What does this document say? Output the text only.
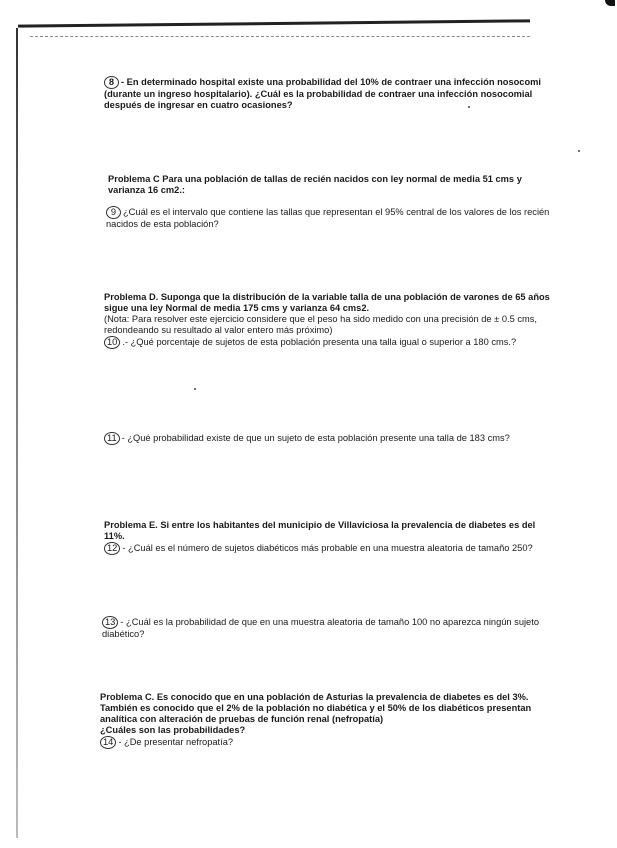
8 - En determinado hospital existe una probabilidad del 10% de contraer una infección nosocomi
(durante un ingreso hospitalario). ¿Cuál es la probabilidad de contraer una infección nosocomial
después de ingresar en cuatro ocasiones?
Problema C Para una población de tallas de recién nacidos con ley normal de media 51 cms y
varianza 16 cm2.:
9 ¿Cuál es el intervalo que contiene las tallas que representan el 95% central de los valores de los recién
nacidos de esta población?
Problema D. Suponga que la distribución de la variable talla de una población de varones de 65 años
sigue una ley Normal de media 175 cms y varianza 64 cms2.
(Nota: Para resolver este ejercicio considere que el peso ha sido medido con una precisión de ± 0.5 cms,
redondeando su resultado al valor entero más próximo)
10 .- ¿Qué porcentaje de sujetos de esta población presenta una talla igual o superior a 180 cms.?
11 - ¿Qué probabilidad existe de que un sujeto de esta población presente una talla de 183 cms?
Problema E. Si entre los habitantes del municipio de Villaviciosa la prevalencia de diabetes es del
11%.
12 - ¿Cuál es el número de sujetos diabéticos más probable en una muestra aleatoria de tamaño 250?
13 - ¿Cuál es la probabilidad de que en una muestra aleatoria de tamaño 100 no aparezca ningún sujeto
diabético?
Problema C. Es conocido que en una población de Asturias la prevalencia de diabetes es del 3%.
También es conocido que el 2% de la población no diabética y el 50% de los diabéticos presentan
analítica con alteración de pruebas de función renal (nefropatía)
¿Cuáles son las probabilidades?
14 - ¿De presentar nefropatía?
